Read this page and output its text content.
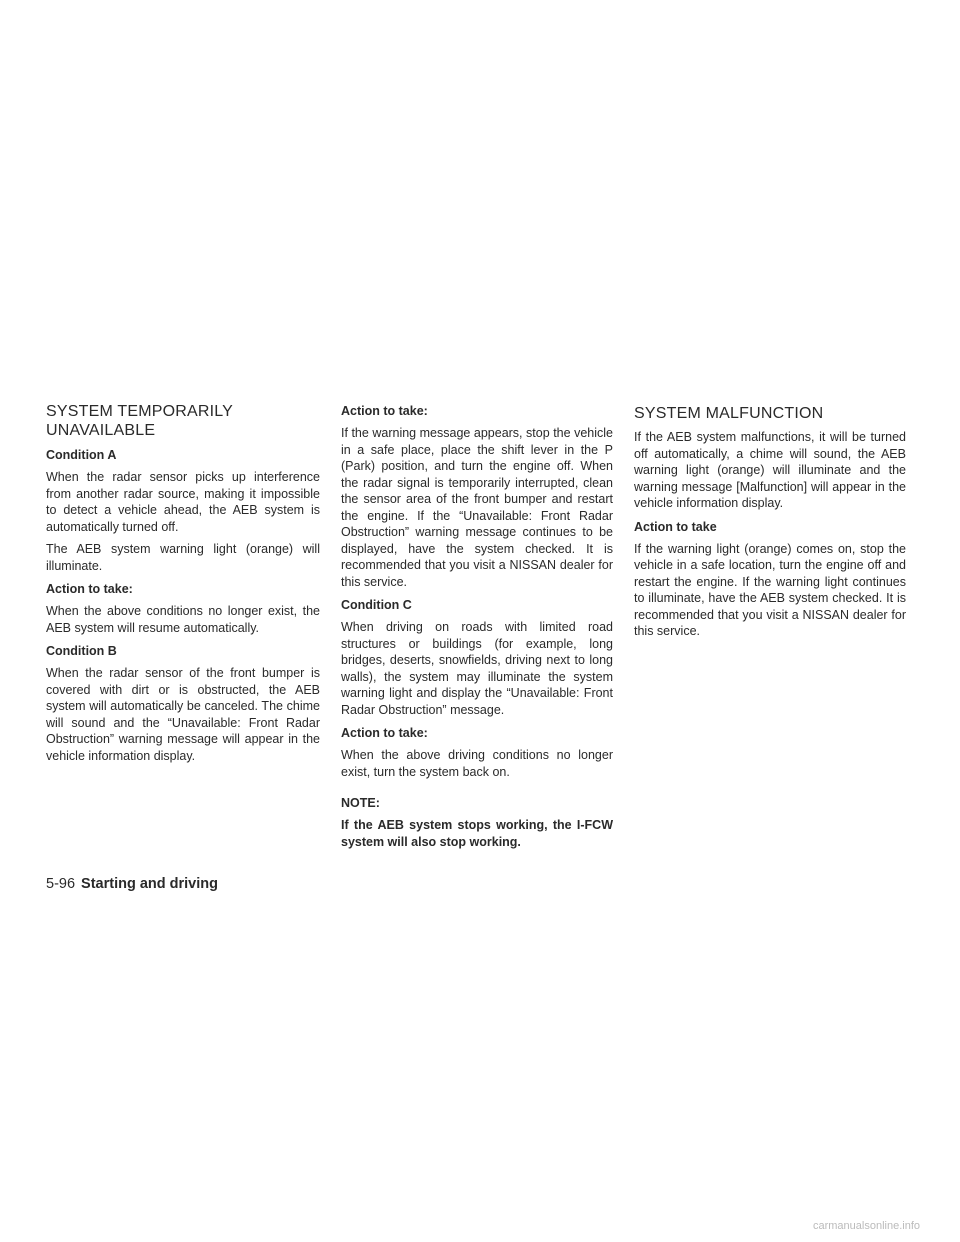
SYSTEM TEMPORARILY
UNAVAILABLE
Condition A

When the radar sensor picks up interference from another radar source, making it impossible to detect a vehicle ahead, the AEB system is automatically turned off.

The AEB system warning light (orange) will illuminate.

Action to take:

When the above conditions no longer exist, the AEB system will resume automatically.

Condition B

When the radar sensor of the front bumper is covered with dirt or is obstructed, the AEB system will automatically be canceled. The chime will sound and the “Unavailable: Front Radar Obstruction” warning message will appear in the vehicle information display.

Action to take:

If the warning message appears, stop the vehicle in a safe place, place the shift lever in the P (Park) position, and turn the engine off. When the radar signal is temporarily interrupted, clean the sensor area of the front bumper and restart the engine. If the “Unavailable: Front Radar Obstruction” warning message continues to be displayed, have the system checked. It is recommended that you visit a NISSAN dealer for this service.

Condition C

When driving on roads with limited road structures or buildings (for example, long bridges, deserts, snowfields, driving next to long walls), the system may illuminate the system warning light and display the “Unavailable: Front Radar Obstruction” message.

Action to take:

When the above driving conditions no longer exist, turn the system back on.

NOTE:

If the AEB system stops working, the I-FCW system will also stop working.

SYSTEM MALFUNCTION

If the AEB system malfunctions, it will be turned off automatically, a chime will sound, the AEB warning light (orange) will illuminate and the warning message [Malfunction] will appear in the vehicle information display.

Action to take

If the warning light (orange) comes on, stop the vehicle in a safe location, turn the engine off and restart the engine. If the warning light continues to illuminate, have the AEB system checked. It is recommended that you visit a NISSAN dealer for this service.

5-96 Starting and driving
carmanualsonline.info
